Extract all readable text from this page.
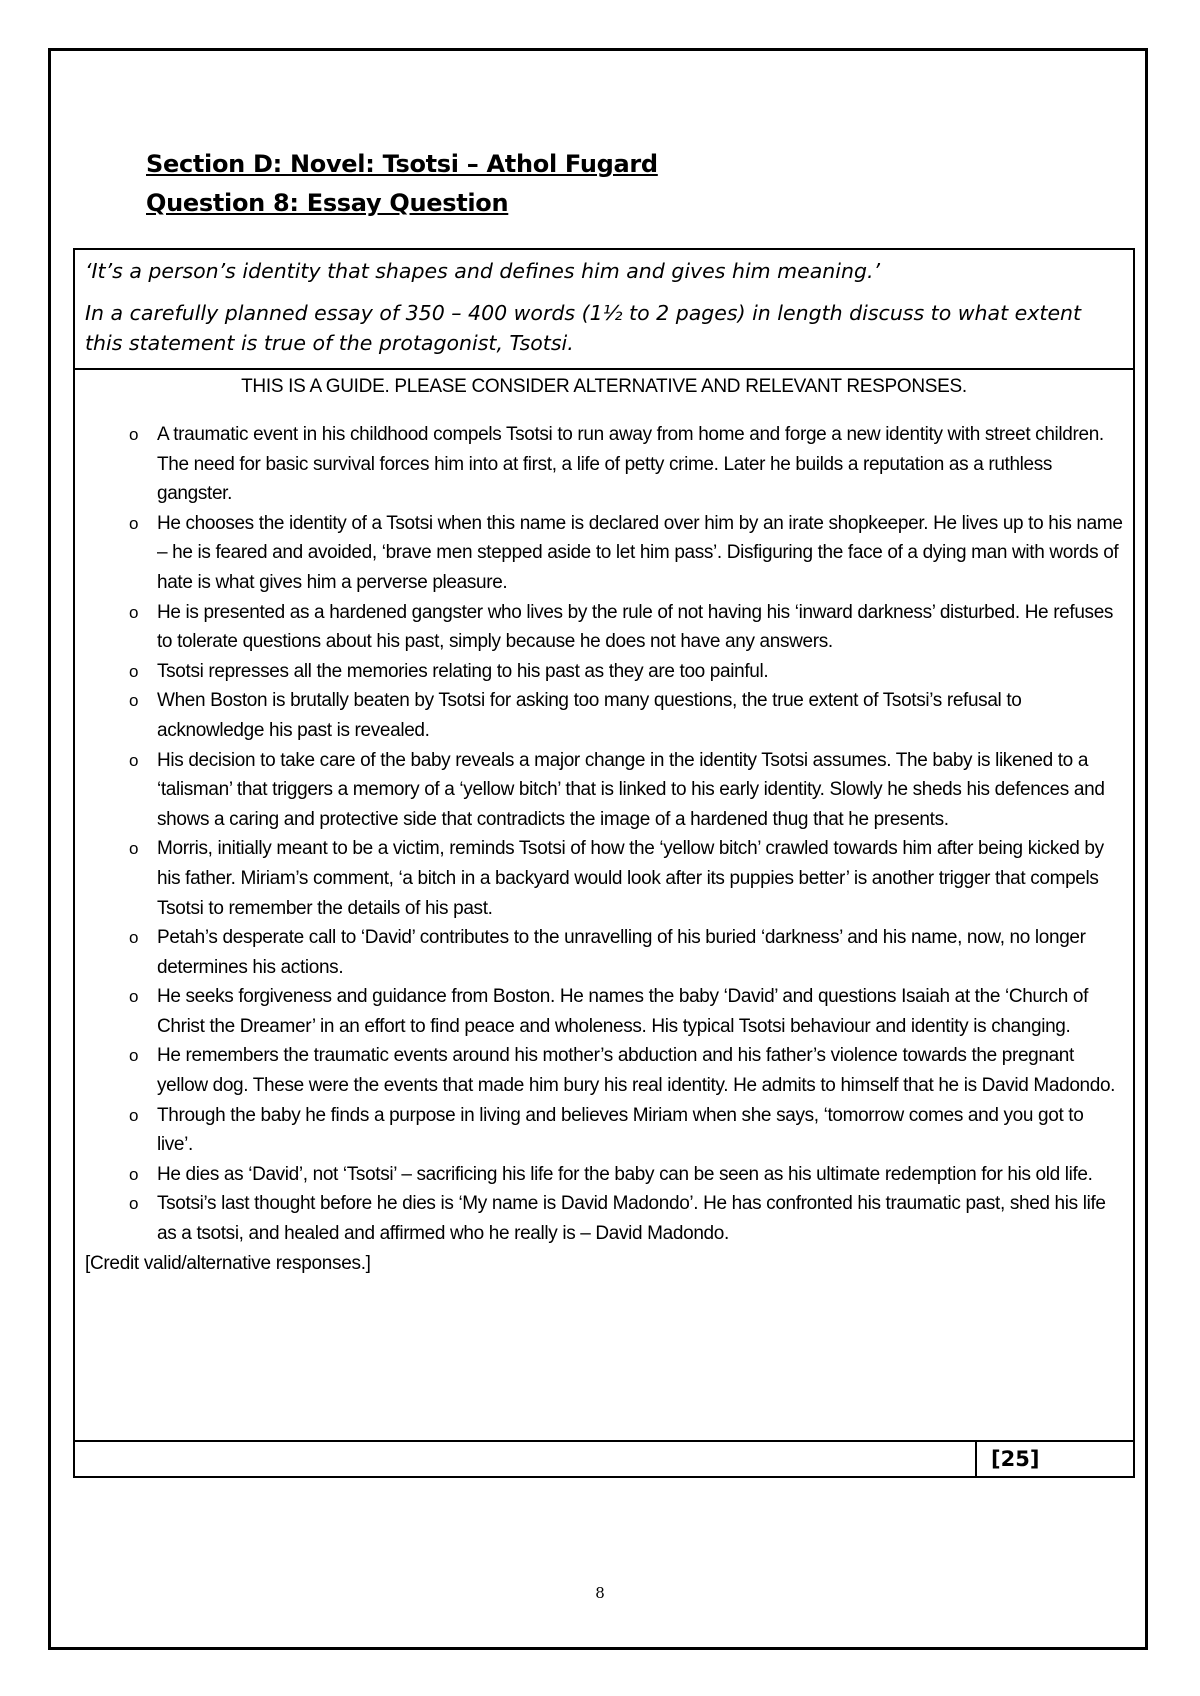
Section D: Novel: Tsotsi – Athol Fugard
Question 8: Essay Question

‘It’s a person’s identity that shapes and defines him and gives him meaning.’

In a carefully planned essay of 350 – 400 words (1½ to 2 pages) in length discuss to what extent this statement is true of the protagonist, Tsotsi.

THIS IS A GUIDE. PLEASE CONSIDER ALTERNATIVE AND RELEVANT RESPONSES.
o A traumatic event in his childhood compels Tsotsi to run away from home and forge a new identity with street children. The need for basic survival forces him into at first, a life of petty crime. Later he builds a reputation as a ruthless gangster.
o He chooses the identity of a Tsotsi when this name is declared over him by an irate shopkeeper. He lives up to his name – he is feared and avoided, ‘brave men stepped aside to let him pass’. Disfiguring the face of a dying man with words of hate is what gives him a perverse pleasure.
o He is presented as a hardened gangster who lives by the rule of not having his ‘inward darkness’ disturbed. He refuses to tolerate questions about his past, simply because he does not have any answers.
o Tsotsi represses all the memories relating to his past as they are too painful.
o When Boston is brutally beaten by Tsotsi for asking too many questions, the true extent of Tsotsi’s refusal to acknowledge his past is revealed.
o His decision to take care of the baby reveals a major change in the identity Tsotsi assumes. The baby is likened to a ‘talisman’ that triggers a memory of a ‘yellow bitch’ that is linked to his early identity. Slowly he sheds his defences and shows a caring and protective side that contradicts the image of a hardened thug that he presents.
o Morris, initially meant to be a victim, reminds Tsotsi of how the ‘yellow bitch’ crawled towards him after being kicked by his father. Miriam’s comment, ‘a bitch in a backyard would look after its puppies better’ is another trigger that compels Tsotsi to remember the details of his past.
o Petah’s desperate call to ‘David’ contributes to the unravelling of his buried ‘darkness’ and his name, now, no longer determines his actions.
o He seeks forgiveness and guidance from Boston. He names the baby ‘David’ and questions Isaiah at the ‘Church of Christ the Dreamer’ in an effort to find peace and wholeness. His typical Tsotsi behaviour and identity is changing.
o He remembers the traumatic events around his mother’s abduction and his father’s violence towards the pregnant yellow dog. These were the events that made him bury his real identity. He admits to himself that he is David Madondo.
o Through the baby he finds a purpose in living and believes Miriam when she says, ‘tomorrow comes and you got to live’.
o He dies as ‘David’, not ‘Tsotsi’ – sacrificing his life for the baby can be seen as his ultimate redemption for his old life.
o Tsotsi’s last thought before he dies is ‘My name is David Madondo’. He has confronted his traumatic past, shed his life as a tsotsi, and healed and affirmed who he really is – David Madondo.
[Credit valid/alternative responses.]
[25]
8
